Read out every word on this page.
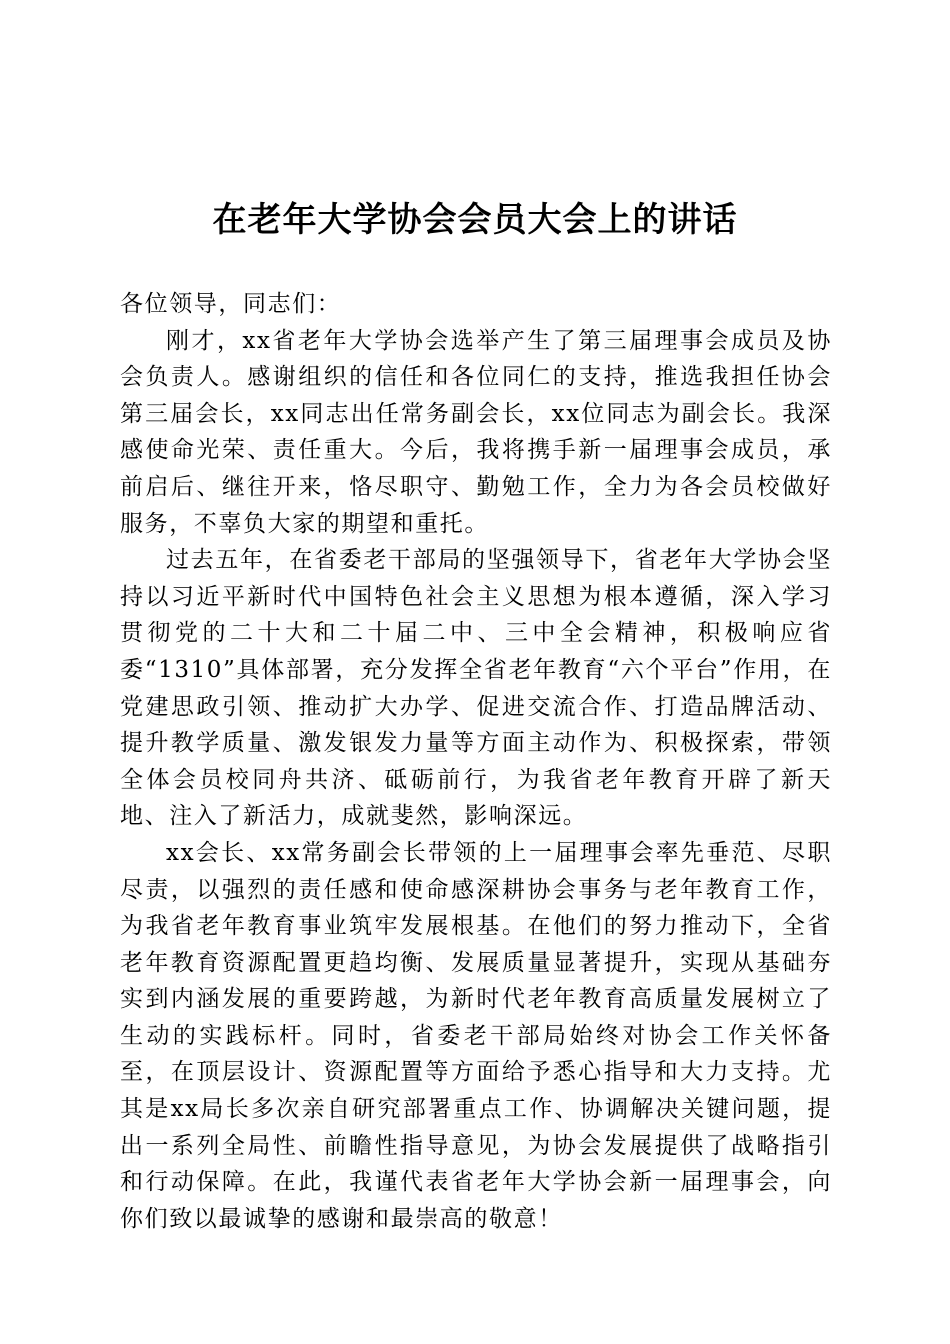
在老年大学协会会员大会上的讲话

各位领导，同志们：

刚才，xx省老年大学协会选举产生了第三届理事会成员及协会负责人。感谢组织的信任和各位同仁的支持，推选我担任协会第三届会长，xx同志出任常务副会长，xx位同志为副会长。我深感使命光荣、责任重大。今后，我将携手新一届理事会成员，承前启后、继往开来，恪尽职守、勤勉工作，全力为各会员校做好服务，不辜负大家的期望和重托。

过去五年，在省委老干部局的坚强领导下，省老年大学协会坚持以习近平新时代中国特色社会主义思想为根本遵循，深入学习贯彻党的二十大和二十届二中、三中全会精神，积极响应省委“1310”具体部署，充分发挥全省老年教育“六个平台”作用，在党建思政引领、推动扩大办学、促进交流合作、打造品牌活动、提升教学质量、激发银发力量等方面主动作为、积极探索，带领全体会员校同舟共济、砥砺前行，为我省老年教育开辟了新天地、注入了新活力，成就斐然，影响深远。

xx会长、xx常务副会长带领的上一届理事会率先垂范、尽职尽责，以强烈的责任感和使命感深耕协会事务与老年教育工作，为我省老年教育事业筑牢发展根基。在他们的努力推动下，全省老年教育资源配置更趋均衡、发展质量显著提升，实现从基础夯实到内涵发展的重要跨越，为新时代老年教育高质量发展树立了生动的实践标杆。同时，省委老干部局始终对协会工作关怀备至，在顶层设计、资源配置等方面给予悉心指导和大力支持。尤其是xx局长多次亲自研究部署重点工作、协调解决关键问题，提出一系列全局性、前瞻性指导意见，为协会发展提供了战略指引和行动保障。在此，我谨代表省老年大学协会新一届理事会，向你们致以最诚挚的感谢和最崇高的敬意！
